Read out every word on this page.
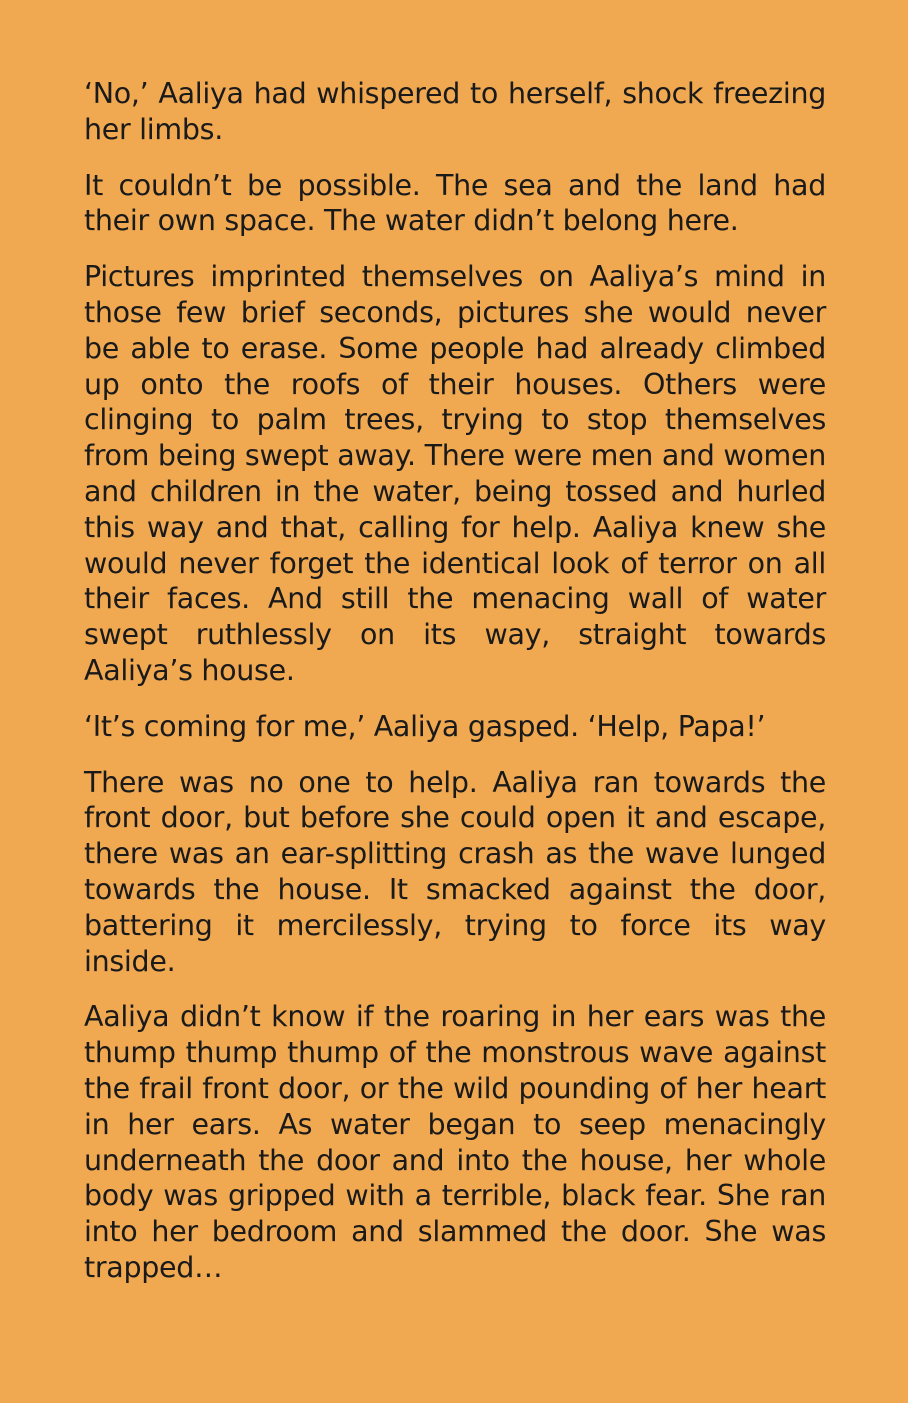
‘No,’ Aaliya had whispered to herself, shock freezing her limbs.

It couldn’t be possible. The sea and the land had their own space. The water didn’t belong here.

Pictures imprinted themselves on Aaliya’s mind in those few brief seconds, pictures she would never be able to erase. Some people had already climbed up onto the roofs of their houses. Others were clinging to palm trees, trying to stop themselves from being swept away. There were men and women and children in the water, being tossed and hurled this way and that, calling for help. Aaliya knew she would never forget the identical look of terror on all their faces. And still the menacing wall of water swept ruthlessly on its way, straight towards Aaliya’s house.

‘It’s coming for me,’ Aaliya gasped. ‘Help, Papa!’

There was no one to help. Aaliya ran towards the front door, but before she could open it and escape, there was an ear-splitting crash as the wave lunged towards the house. It smacked against the door, battering it mercilessly, trying to force its way inside.

Aaliya didn’t know if the roaring in her ears was the thump thump thump of the monstrous wave against the frail front door, or the wild pounding of her heart in her ears. As water began to seep menacingly underneath the door and into the house, her whole body was gripped with a terrible, black fear. She ran into her bedroom and slammed the door. She was trapped…
